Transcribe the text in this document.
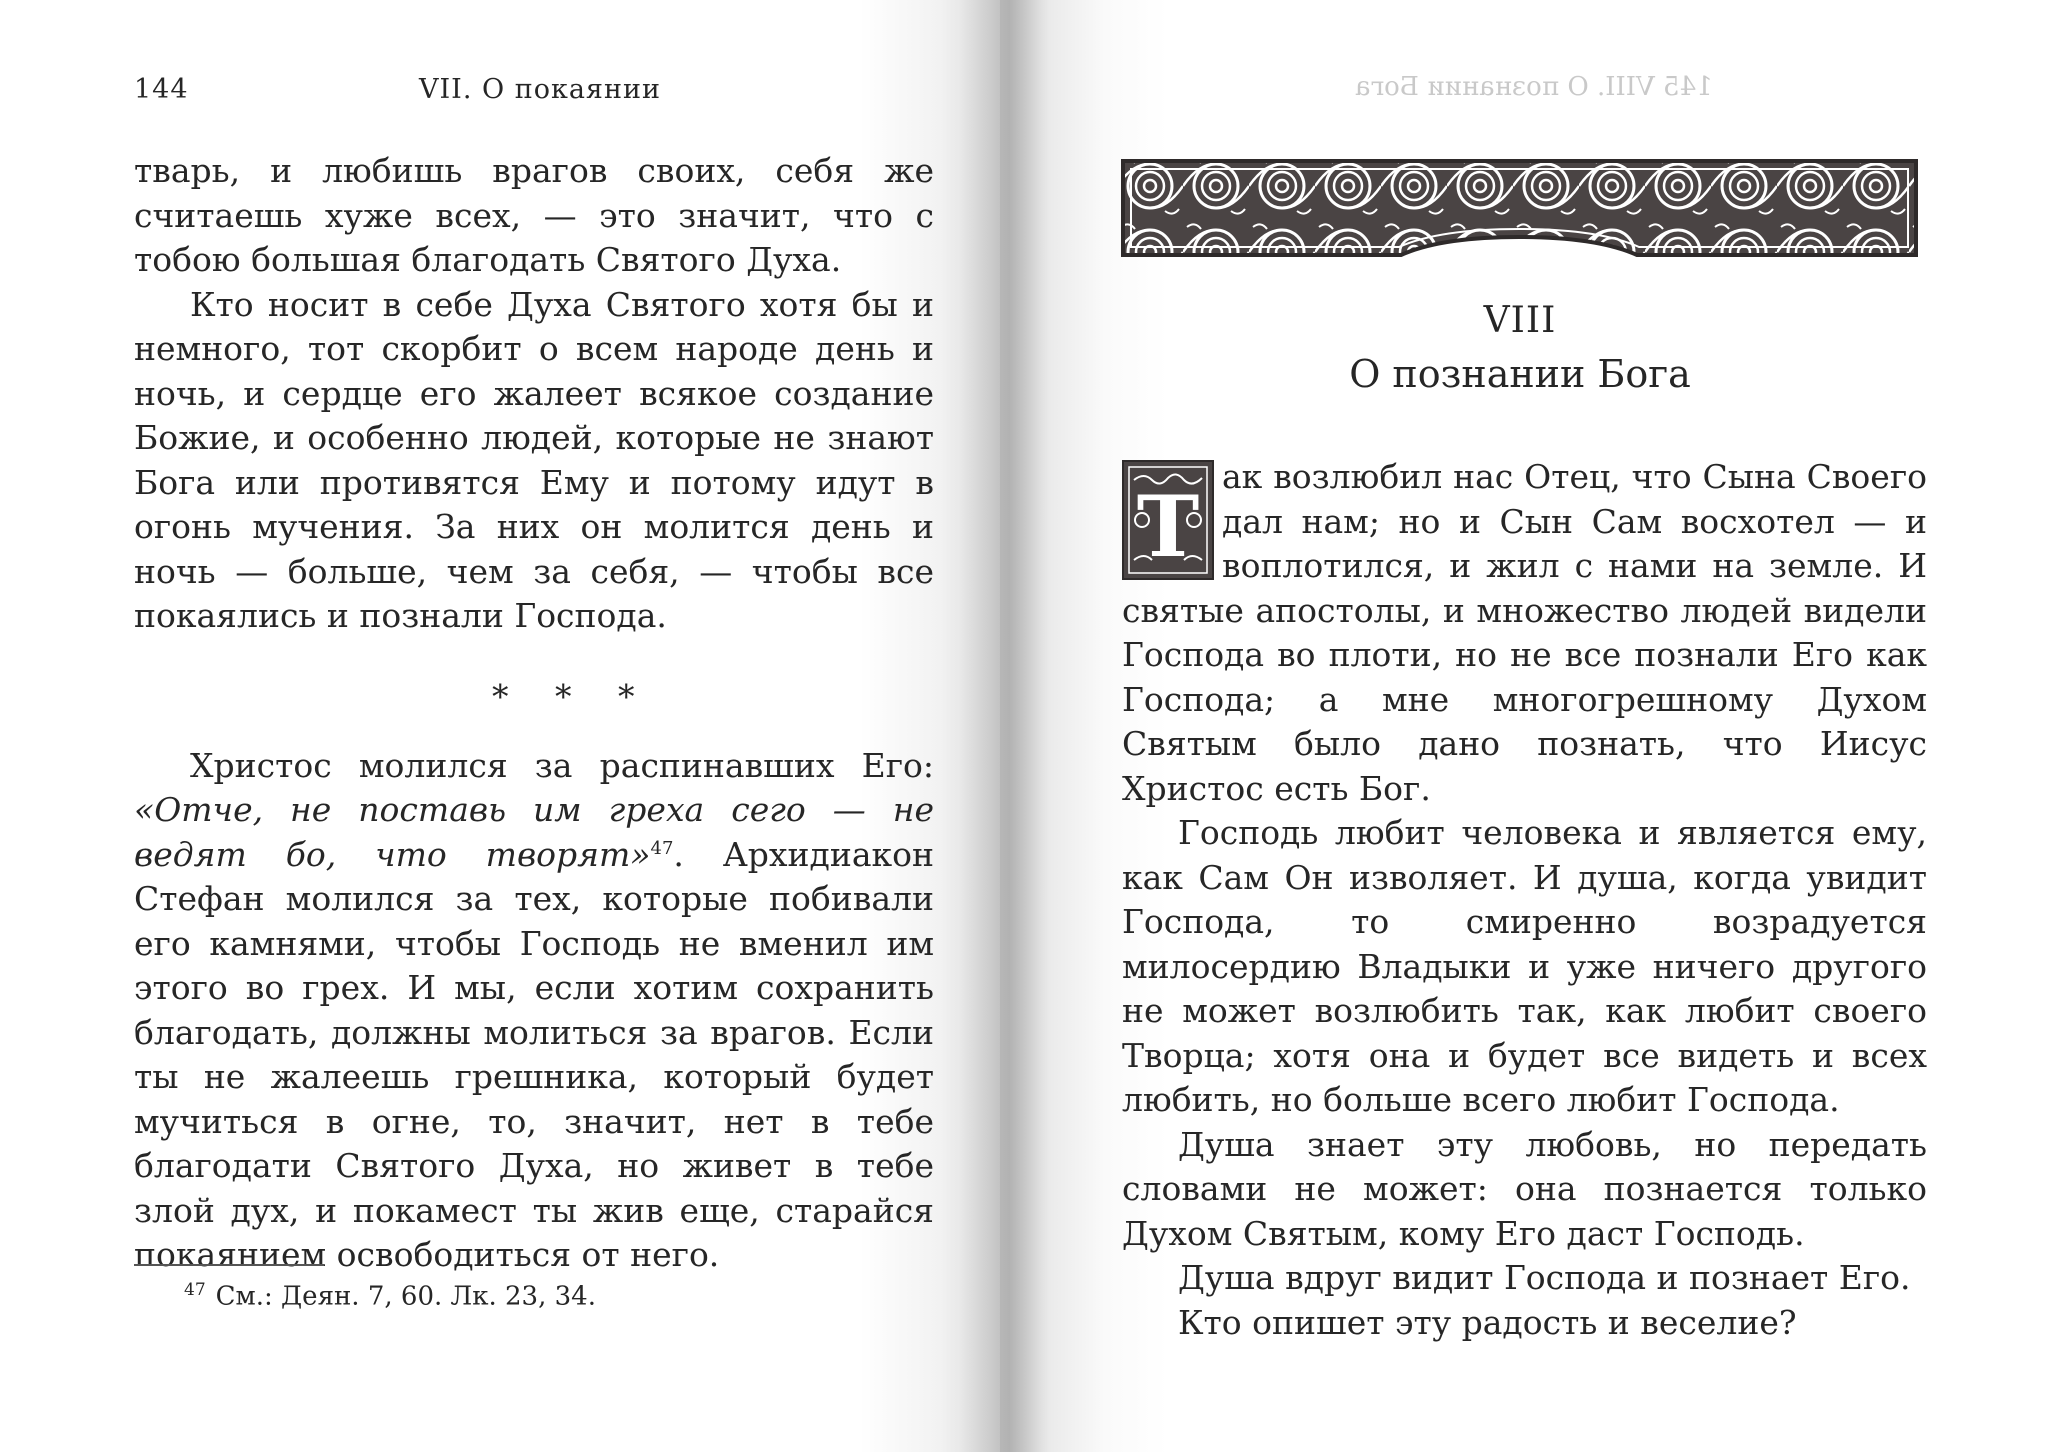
144	VII. О покаянии

тварь, и любишь врагов своих, себя же считаешь хуже всех, — это значит, что с тобою большая благодать Святого Духа.

Кто носит в себе Духа Святого хотя бы и немного, тот скорбит о всем народе день и ночь, и сердце его жалеет всякое создание Божие, и особенно людей, которые не знают Бога или противятся Ему и потому идут в огонь мучения. За них он молится день и ночь — больше, чем за себя, — чтобы все покаялись и познали Господа.

Христос молился за распинавших Его: «Отче, не поставь им греха сего — не ведят бо, что творят»$^{47}$. Архидиакон Стефан молился за тех, которые побивали его камнями, чтобы Господь не вменил им этого во грех. И мы, если хотим сохранить благодать, должны молиться за врагов. Если ты не жалеешь грешника, который будет мучиться в огне, то, значит, нет в тебе благодати Святого Духа, но живет в тебе злой дух, и покамест ты жив еще, старайся покаянием освободиться от него.

* * *
$^{47}$ См.: Деян. 7, 60. Лк. 23, 34.
145 VIII. О познании Бога
VIII
О познании Бога
Т

ак возлюбил нас Отец, что Сына Своего дал нам; но и Сын Сам восхотел — и воплотился, и жил с нами на земле. И святые апостолы, и множество людей видели Господа во плоти, но не все познали Его как Господа; а мне многогрешному Духом Святым было дано познать, что Иисус Христос есть Бог.

Господь любит человека и является ему, как Сам Он изволяет. И душа, когда увидит Господа, то смиренно возрадуется милосердию Владыки и уже ничего другого не может возлюбить так, как любит своего Творца; хотя она и будет все видеть и всех любить, но больше всего любит Господа.

Душа знает эту любовь, но передать словами не может: она познается только Духом Святым, кому Его даст Господь.

Душа вдруг видит Господа и познает Его.

Кто опишет эту радость и веселие?
